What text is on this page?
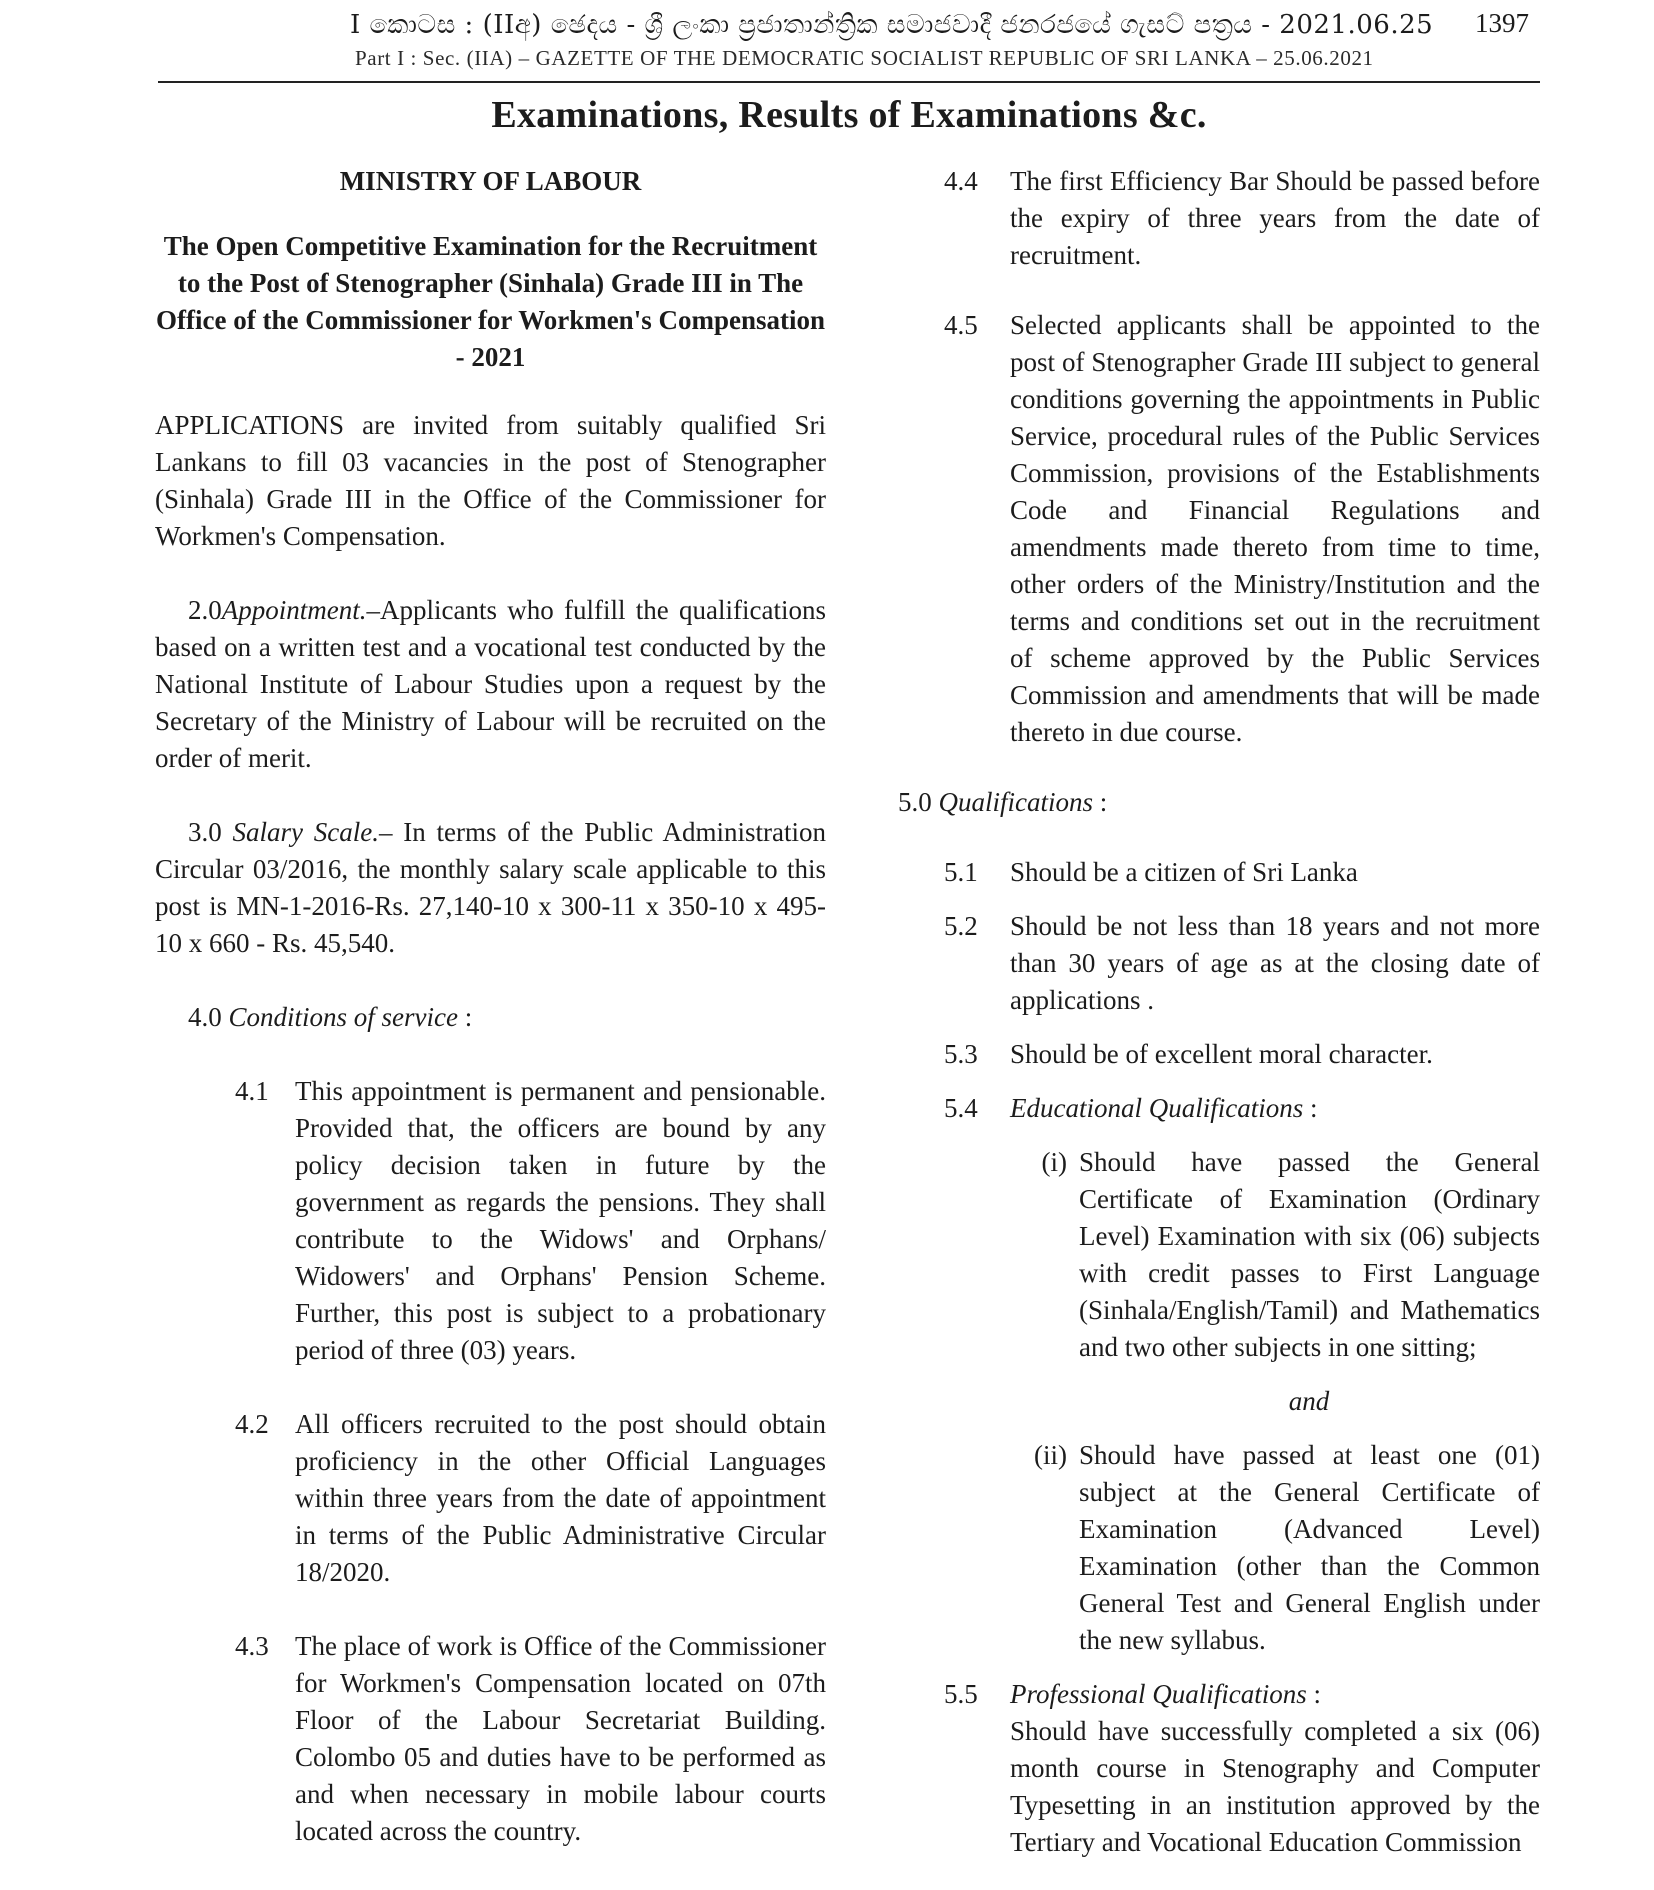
I කොටස : (IIඅ) ඡෙදය - ශ්‍රී ලංකා ප්‍රජාතාන්ත්‍රික සමාජවාදී ජනරජයේ ගැසට් පත්‍රය - 2021.06.25 1397
Part I : Sec. (IIA) – GAZETTE OF THE DEMOCRATIC SOCIALIST REPUBLIC OF SRI LANKA – 25.06.2021
Examinations, Results of Examinations &c.
MINISTRY OF LABOUR
The Open Competitive Examination for the Recruitment to the Post of Stenographer (Sinhala) Grade III in The Office of the Commissioner for Workmen's Compensation - 2021
APPLICATIONS are invited from suitably qualified Sri Lankans to fill 03 vacancies in the post of Stenographer (Sinhala) Grade III in the Office of the Commissioner for Workmen's Compensation.
2.0Appointment.–Applicants who fulfill the qualifications based on a written test and a vocational test conducted by the National Institute of Labour Studies upon a request by the Secretary of the Ministry of Labour will be recruited on the order of merit.
3.0 Salary Scale.– In terms of the Public Administration Circular 03/2016, the monthly salary scale applicable to this post is MN-1-2016-Rs. 27,140-10 x 300-11 x 350-10 x 495-10 x 660 - Rs. 45,540.
4.0 Conditions of service :
4.1 This appointment is permanent and pensionable. Provided that, the officers are bound by any policy decision taken in future by the government as regards the pensions. They shall contribute to the Widows' and Orphans/ Widowers' and Orphans' Pension Scheme. Further, this post is subject to a probationary period of three (03) years.
4.2 All officers recruited to the post should obtain proficiency in the other Official Languages within three years from the date of appointment in terms of the Public Administrative Circular 18/2020.
4.3 The place of work is Office of the Commissioner for Workmen's Compensation located on 07th Floor of the Labour Secretariat Building. Colombo 05 and duties have to be performed as and when necessary in mobile labour courts located across the country.
4.4	The first Efficiency Bar Should be passed before the expiry of three years from the date of recruitment.
4.5	Selected applicants shall be appointed to the post of Stenographer Grade III subject to general conditions governing the appointments in Public Service, procedural rules of the Public Services Commission, provisions of the Establishments Code and Financial Regulations and amendments made thereto from time to time, other orders of the Ministry/Institution and the terms and conditions set out in the recruitment of scheme approved by the Public Services Commission and amendments that will be made thereto in due course.
5.0 Qualifications :
5.1	Should be a citizen of Sri Lanka
5.2	Should be not less than 18 years and not more than 30 years of age as at the closing date of applications .
5.3	Should be of excellent moral character.
5.4	Educational Qualifications :
(i) Should have passed the General Certificate of Examination (Ordinary Level) Examination with six (06) subjects with credit passes to First Language (Sinhala/English/Tamil) and Mathematics and two other subjects in one sitting;
and
(ii) Should have passed at least one (01) subject at the General Certificate of Examination (Advanced Level) Examination (other than the Common General Test and General English under the new syllabus.
5.5	Professional Qualifications :
Should have successfully completed a six (06) month course in Stenography and Computer Typesetting in an institution approved by the Tertiary and Vocational Education Commission
